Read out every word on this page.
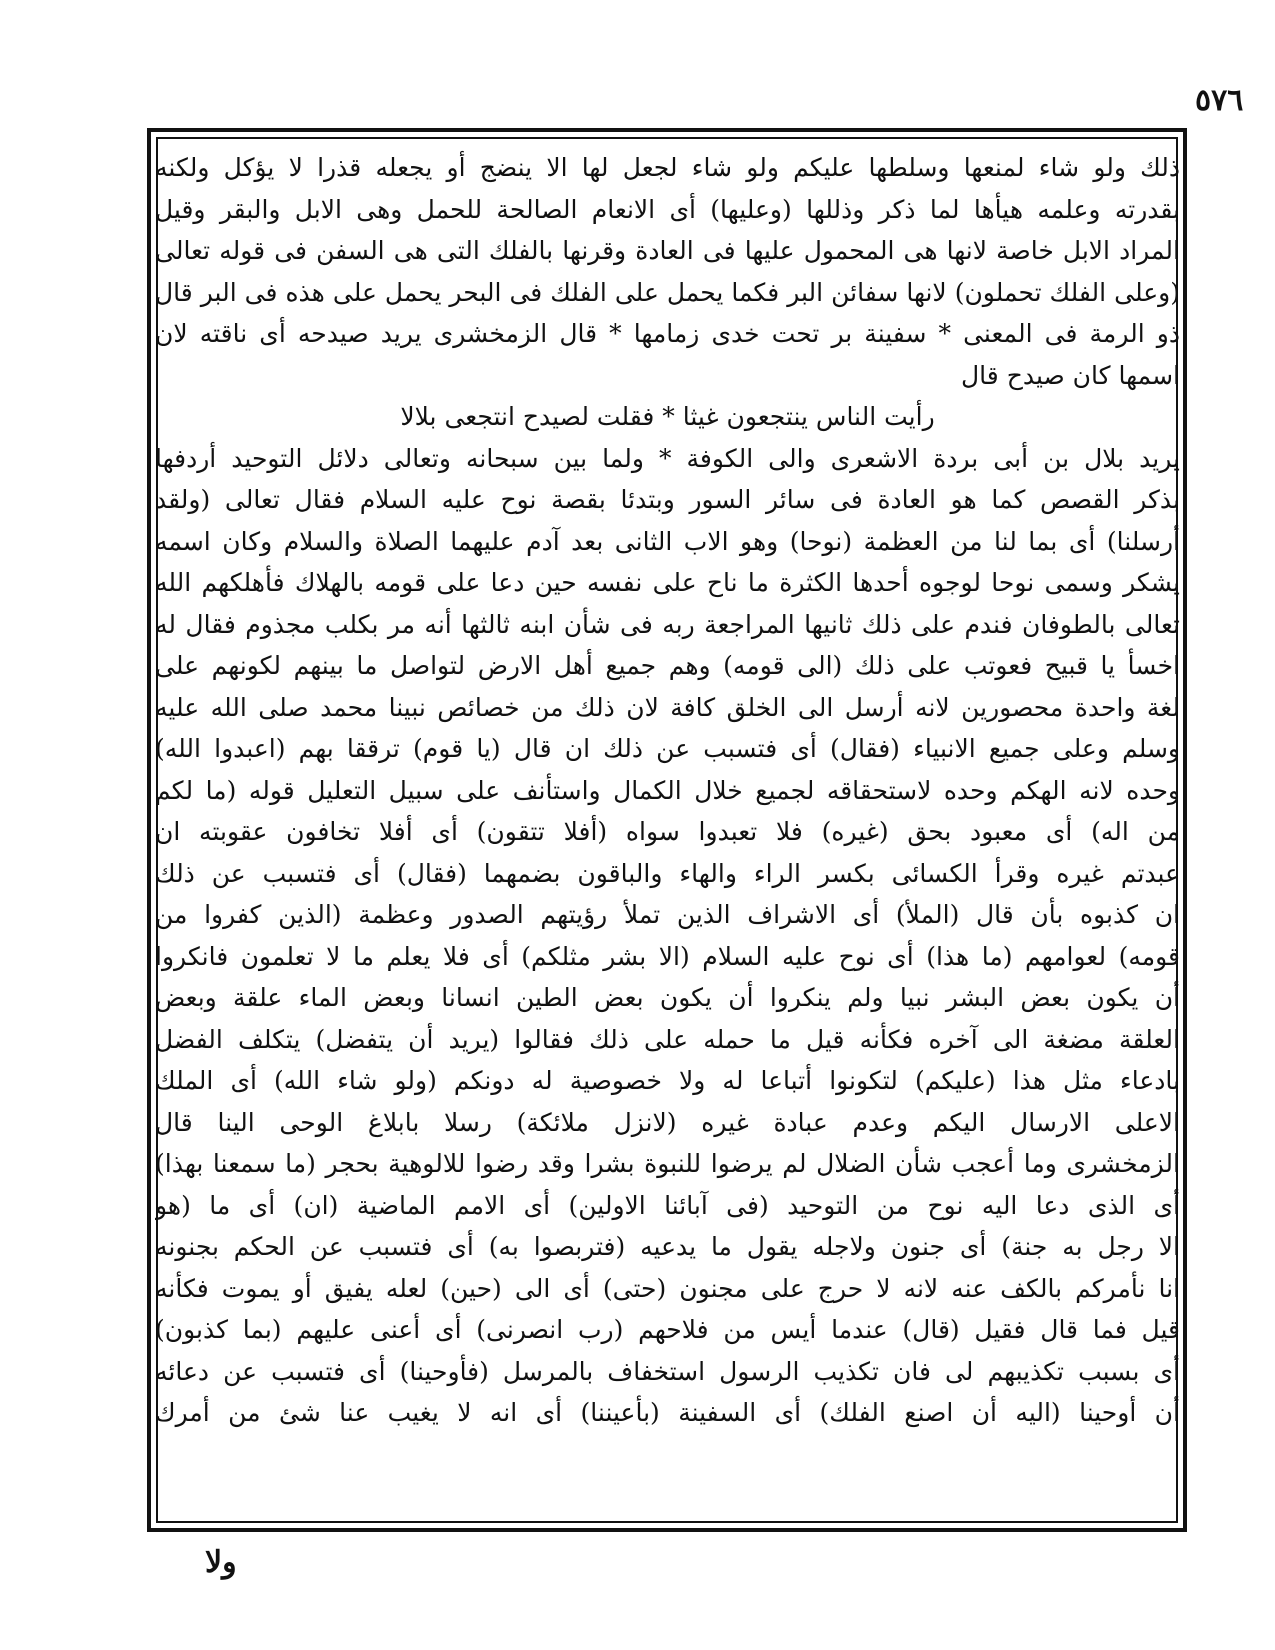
٥٧٦
ذلك ولو شاء لمنعها وسلطها عليكم ولو شاء لجعل لها الا ينضج أو يجعله قذرا لا يؤكل ولكنه
بقدرته وعلمه هيأها لما ذكر وذللها (وعليها) أى الانعام الصالحة للحمل وهى الابل والبقر وقيل
المراد الابل خاصة لانها هى المحمول عليها فى العادة وقرنها بالفلك التى هى السفن فى قوله تعالى
(وعلى الفلك تحملون) لانها سفائن البر فكما يحمل على الفلك فى البحر يحمل على هذه فى البر قال
ذو الرمة فى المعنى * سفينة بر تحت خدى زمامها * قال الزمخشرى يريد صيدحه أى ناقته لان
اسمها كان صيدح قال
رأيت الناس ينتجعون غيثا * فقلت لصيدح انتجعى بلالا
يريد بلال بن أبى بردة الاشعرى والى الكوفة * ولما بين سبحانه وتعالى دلائل التوحيد أردفها
بذكر القصص كما هو العادة فى سائر السور وبتدئا بقصة نوح عليه السلام فقال تعالى (ولقد
أرسلنا) أى بما لنا من العظمة (نوحا) وهو الاب الثانى بعد آدم عليهما الصلاة والسلام وكان اسمه
يشكر وسمى نوحا لوجوه أحدها الكثرة ما ناح على نفسه حين دعا على قومه بالهلاك فأهلكهم الله
تعالى بالطوفان فندم على ذلك ثانيها المراجعة ربه فى شأن ابنه ثالثها أنه مر بكلب مجذوم فقال له
اخسأ يا قبيح فعوتب على ذلك (الى قومه) وهم جميع أهل الارض لتواصل ما بينهم لكونهم على
لغة واحدة محصورين لانه أرسل الى الخلق كافة لان ذلك من خصائص نبينا محمد صلى الله عليه
وسلم وعلى جميع الانبياء (فقال) أى فتسبب عن ذلك ان قال (يا قوم) ترققا بهم (اعبدوا الله)
وحده لانه الهكم وحده لاستحقاقه لجميع خلال الكمال واستأنف على سبيل التعليل قوله (ما لكم
من اله) أى معبود بحق (غيره) فلا تعبدوا سواه (أفلا تتقون) أى أفلا تخافون عقوبته ان
عبدتم غيره وقرأ الكسائى بكسر الراء والهاء والباقون بضمهما (فقال) أى فتسبب عن ذلك
ان كذبوه بأن قال (الملأ) أى الاشراف الذين تملأ رؤيتهم الصدور وعظمة (الذين كفروا من
قومه) لعوامهم (ما هذا) أى نوح عليه السلام (الا بشر مثلكم) أى فلا يعلم ما لا تعلمون فانكروا
أن يكون بعض البشر نبيا ولم ينكروا أن يكون بعض الطين انسانا وبعض الماء علقة وبعض
العلقة مضغة الى آخره فكأنه قيل ما حمله على ذلك فقالوا (يريد أن يتفضل) يتكلف الفضل
بادعاء مثل هذا (عليكم) لتكونوا أتباعا له ولا خصوصية له دونكم (ولو شاء الله) أى الملك
الاعلى الارسال اليكم وعدم عبادة غيره (لانزل ملائكة) رسلا بابلاغ الوحى الينا قال
الزمخشرى وما أعجب شأن الضلال لم يرضوا للنبوة بشرا وقد رضوا للالوهية بحجر (ما سمعنا بهذا)
أى الذى دعا اليه نوح من التوحيد (فى آبائنا الاولين) أى الامم الماضية (ان) أى ما (هو
الا رجل به جنة) أى جنون ولاجله يقول ما يدعيه (فتربصوا به) أى فتسبب عن الحكم بجنونه
انا نأمركم بالكف عنه لانه لا حرج على مجنون (حتى) أى الى (حين) لعله يفيق أو يموت فكأنه
قيل فما قال فقيل (قال) عندما أيس من فلاحهم (رب انصرنى) أى أعنى عليهم (بما كذبون)
أى بسبب تكذيبهم لى فان تكذيب الرسول استخفاف بالمرسل (فأوحينا) أى فتسبب عن دعائه
أن أوحينا (اليه أن اصنع الفلك) أى السفينة (بأعيننا) أى انه لا يغيب عنا شئ من أمرك
ولا
